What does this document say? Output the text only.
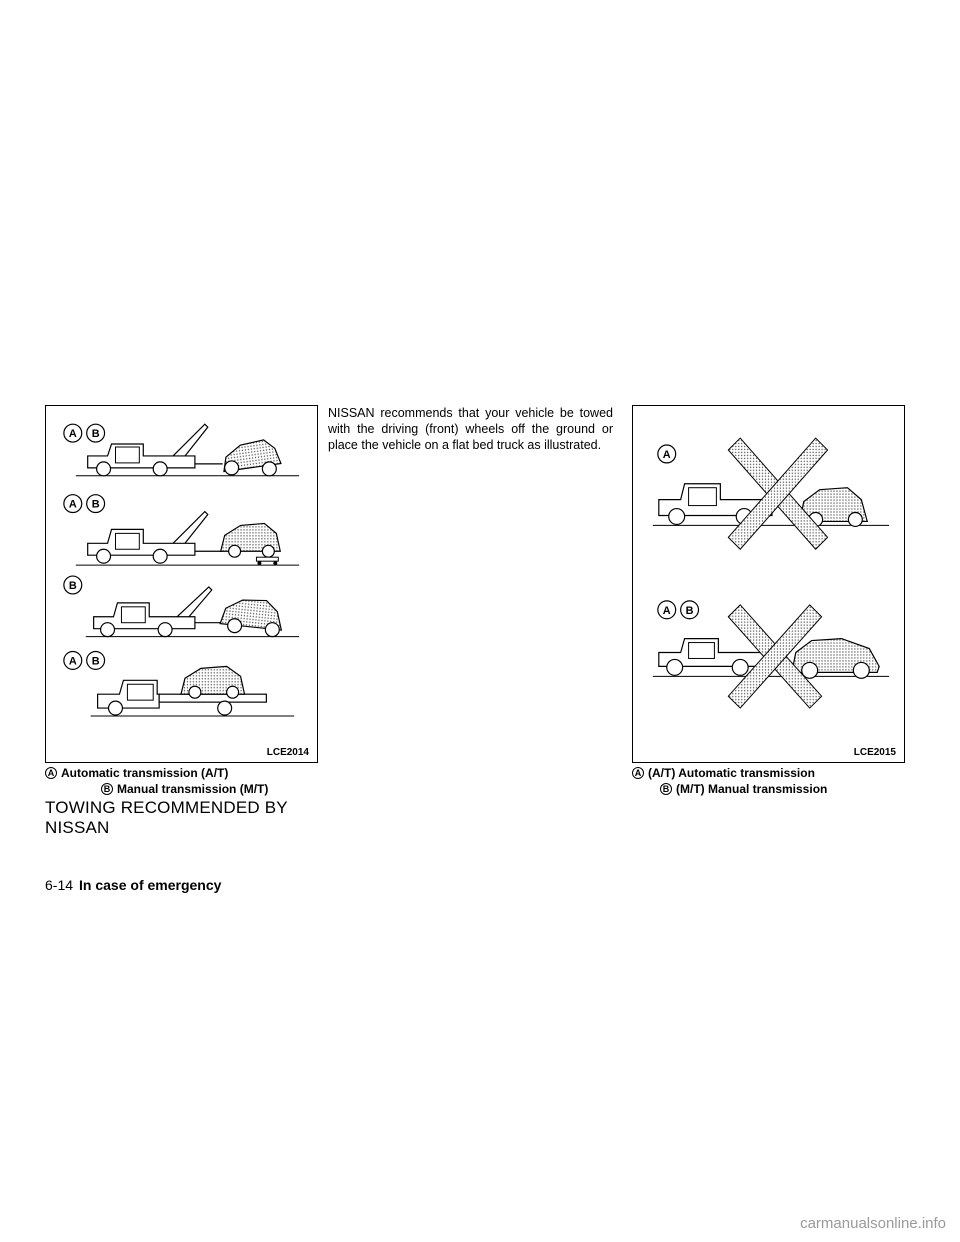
A B
A B
B
A B
LCE2014
A Automatic transmission (A/T)
B Manual transmission (M/T)
TOWING RECOMMENDED BY NISSAN
NISSAN recommends that your vehicle be towed with the driving (front) wheels off the ground or place the vehicle on a flat bed truck as illustrated.
A
A B
LCE2015
A (A/T) Automatic transmission
B (M/T) Manual transmission
6-14 In case of emergency
carmanualsonline.info
